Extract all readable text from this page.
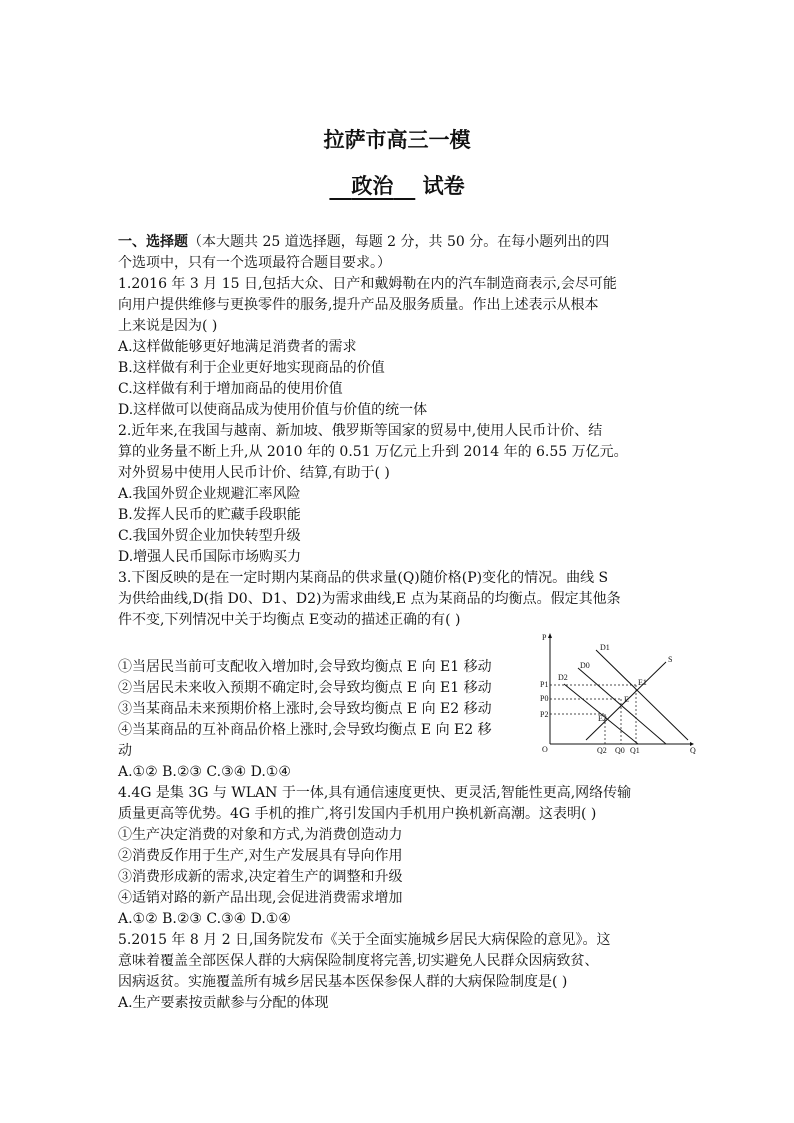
拉萨市高三一模
政治 试卷
一、选择题（本大题共 25 道选择题，每题 2 分，共 50 分。在每小题列出的四
个选项中，只有一个选项最符合题目要求。）
1.2016 年 3 月 15 日,包括大众、日产和戴姆勒在内的汽车制造商表示,会尽可能
向用户提供维修与更换零件的服务,提升产品及服务质量。作出上述表示从根本
上来说是因为( )
A.这样做能够更好地满足消费者的需求
B.这样做有利于企业更好地实现商品的价值
C.这样做有利于增加商品的使用价值
D.这样做可以使商品成为使用价值与价值的统一体
2.近年来,在我国与越南、新加坡、俄罗斯等国家的贸易中,使用人民币计价、结
算的业务量不断上升,从 2010 年的 0.51 万亿元上升到 2014 年的 6.55 万亿元。
对外贸易中使用人民币计价、结算,有助于( )
A.我国外贸企业规避汇率风险
B.发挥人民币的贮藏手段职能
C.我国外贸企业加快转型升级
D.增强人民币国际市场购买力
3.下图反映的是在一定时期内某商品的供求量(Q)随价格(P)变化的情况。曲线 S
为供给曲线,D(指 D0、D1、D2)为需求曲线,E 点为某商品的均衡点。假定其他条
件不变,下列情况中关于均衡点 E变动的描述正确的有( )
①当居民当前可支配收入增加时,会导致均衡点 E 向 E1 移动
②当居民未来收入预期不确定时,会导致均衡点 E 向 E1 移动
③当某商品未来预期价格上涨时,会导致均衡点 E 向 E2 移动
④当某商品的互补商品价格上涨时,会导致均衡点 E 向 E2 移
动
P
Q
O
P1
P0
P2
Q2 Q0 Q1
D1
D0
D2
S
E
E1
E2
A.①② B.②③ C.③④ D.①④
4.4G 是集 3G 与 WLAN 于一体,具有通信速度更快、更灵活,智能性更高,网络传输
质量更高等优势。4G 手机的推广,将引发国内手机用户换机新高潮。这表明( )
①生产决定消费的对象和方式,为消费创造动力
②消费反作用于生产,对生产发展具有导向作用
③消费形成新的需求,决定着生产的调整和升级
④适销对路的新产品出现,会促进消费需求增加
A.①② B.②③ C.③④ D.①④
5.2015 年 8 月 2 日,国务院发布《关于全面实施城乡居民大病保险的意见》。这
意味着覆盖全部医保人群的大病保险制度将完善,切实避免人民群众因病致贫、
因病返贫。实施覆盖所有城乡居民基本医保参保人群的大病保险制度是( )
A.生产要素按贡献参与分配的体现
